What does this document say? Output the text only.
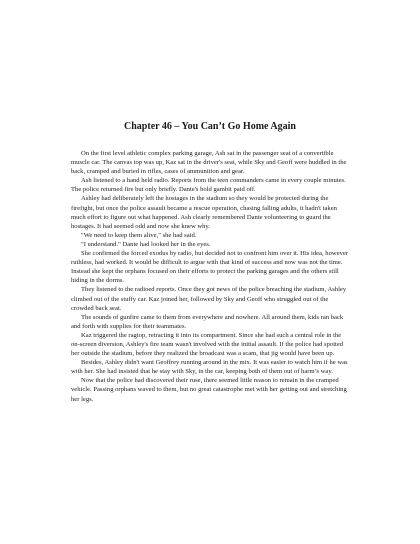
Chapter 46 – You Can’t Go Home Again

On the first level athletic complex parking garage, Ash sat in the passenger seat of a convertible muscle car. The canvas top was up, Kaz sat in the driver's seat, while Sky and Geoff were huddled in the back, cramped and buried in rifles, cases of ammunition and gear.

Ash listened to a hand held radio. Reports from the teen commanders came in every couple minutes. The police returned fire but only briefly. Dante's bold gambit paid off.

Ashley had deliberately left the hostages in the stadium so they would be protected during the firefight, but once the police assault became a rescue operation, chasing falling adults, it hadn't taken much effort to figure out what happened. Ash clearly remembered Dante volunteering to guard the hostages. It had seemed odd and now she knew why.

"We need to keep them alive," she had said.

"I understand." Dante had looked her in the eyes.

She confirmed the forced exodus by radio, but decided not to confront him over it. His idea, however ruthless, had worked. It would be difficult to argue with that kind of success and now was not the time. Instead she kept the orphans focused on their efforts to protect the parking garages and the others still hiding in the dorms.

They listened to the radioed reports. Once they got news of the police breaching the stadium, Ashley climbed out of the stuffy car. Kaz joined her, followed by Sky and Geoff who struggled out of the crowded back seat.

The sounds of gunfire came to them from everywhere and nowhere. All around them, kids ran back and forth with supplies for their teammates.

Kaz triggered the ragtop, retracting it into its compartment. Since she had such a central role in the on-screen diversion, Ashley's fire team wasn't involved with the initial assault. If the police had spotted her outside the stadium, before they realized the broadcast was a scam, that jig would have been up.

Besides, Ashley didn't want Geoffrey running around in the mix. It was easier to watch him if he was with her. She had insisted that he stay with Sky, in the car, keeping both of them out of harm’s way.

Now that the police had discovered their ruse, there seemed little reason to remain in the cramped vehicle. Passing orphans waved to them, but no great catastrophe met with her getting out and stretching her legs.
